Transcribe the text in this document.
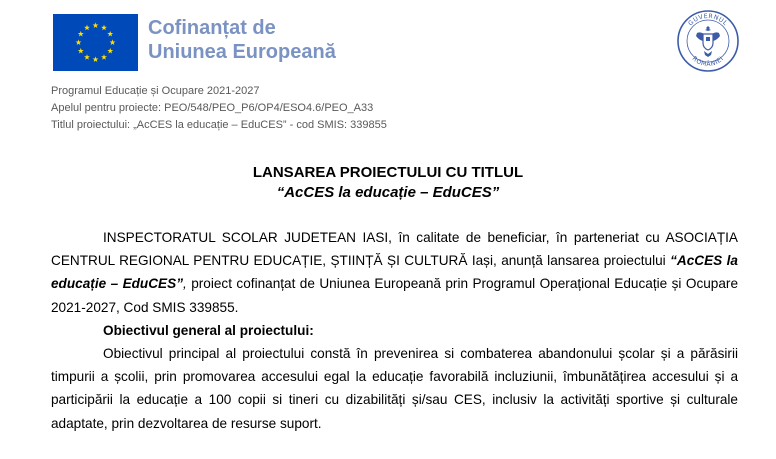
Cofinanțat de
Uniunea Europeană
GUVERNUL
ROMÂNIEI
Programul Educație și Ocupare 2021-2027
Apelul pentru proiecte: PEO/548/PEO_P6/OP4/ESO4.6/PEO_A33
Titlul proiectului: „AcCES la educație – EduCES” - cod SMIS: 339855
LANSAREA PROIECTULUI CU TITLUL
“AcCES la educație – EduCES”

INSPECTORATUL SCOLAR JUDETEAN IASI, în calitate de beneficiar, în parteneriat cu ASOCIAȚIA CENTRUL REGIONAL PENTRU EDUCAȚIE, ȘTIINȚĂ ȘI CULTURĂ Iași, anunță lansarea proiectului “AcCES la educație – EduCES”, proiect cofinanțat de Uniunea Europeană prin Programul Operațional Educație și Ocupare 2021-2027, Cod SMIS 339855.

Obiectivul general al proiectului:

Obiectivul principal al proiectului constă în prevenirea si combaterea abandonului școlar și a părăsirii timpurii a școlii, prin promovarea accesului egal la educație favorabilă incluziunii, îmbunătățirea accesului și a participării la educație a 100 copii si tineri cu dizabilități și/sau CES, inclusiv la activități sportive și culturale adaptate, prin dezvoltarea de resurse suport.
